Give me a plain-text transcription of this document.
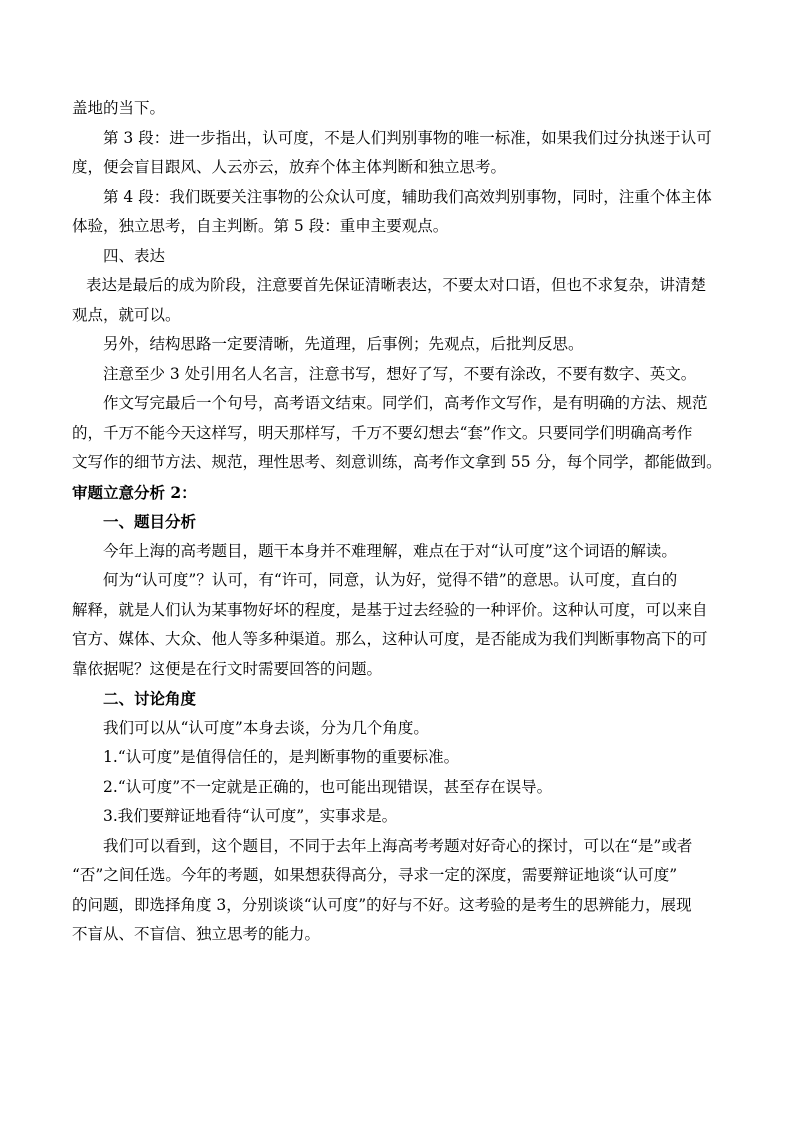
盖地的当下。
第 3 段：进一步指出，认可度，不是人们判别事物的唯一标准，如果我们过分执迷于认可
度，便会盲目跟风、人云亦云，放弃个体主体判断和独立思考。
第 4 段：我们既要关注事物的公众认可度，辅助我们高效判别事物，同时，注重个体主体
体验，独立思考，自主判断。第 5 段：重申主要观点。
四、表达
表达是最后的成为阶段，注意要首先保证清晰表达，不要太对口语，但也不求复杂，讲清楚
观点，就可以。
另外，结构思路一定要清晰，先道理，后事例；先观点，后批判反思。
注意至少 3 处引用名人名言，注意书写，想好了写，不要有涂改，不要有数字、英文。
作文写完最后一个句号，高考语文结束。同学们，高考作文写作，是有明确的方法、规范
的，千万不能今天这样写，明天那样写，千万不要幻想去“套”作文。只要同学们明确高考作
文写作的细节方法、规范，理性思考、刻意训练，高考作文拿到 55 分，每个同学，都能做到。
审题立意分析 2：
一、题目分析
今年上海的高考题目，题干本身并不难理解，难点在于对“认可度”这个词语的解读。
何为“认可度”？认可，有“许可，同意，认为好，觉得不错”的意思。认可度，直白的
解释，就是人们认为某事物好坏的程度，是基于过去经验的一种评价。这种认可度，可以来自
官方、媒体、大众、他人等多种渠道。那么，这种认可度，是否能成为我们判断事物高下的可
靠依据呢？这便是在行文时需要回答的问题。
二、讨论角度
我们可以从“认可度”本身去谈，分为几个角度。
1.“认可度”是值得信任的，是判断事物的重要标准。
2.“认可度”不一定就是正确的，也可能出现错误，甚至存在误导。
3.我们要辩证地看待“认可度”，实事求是。
我们可以看到，这个题目，不同于去年上海高考考题对好奇心的探讨，可以在“是”或者
“否”之间任选。今年的考题，如果想获得高分，寻求一定的深度，需要辩证地谈“认可度”
的问题，即选择角度 3，分别谈谈“认可度”的好与不好。这考验的是考生的思辨能力，展现
不盲从、不盲信、独立思考的能力。
